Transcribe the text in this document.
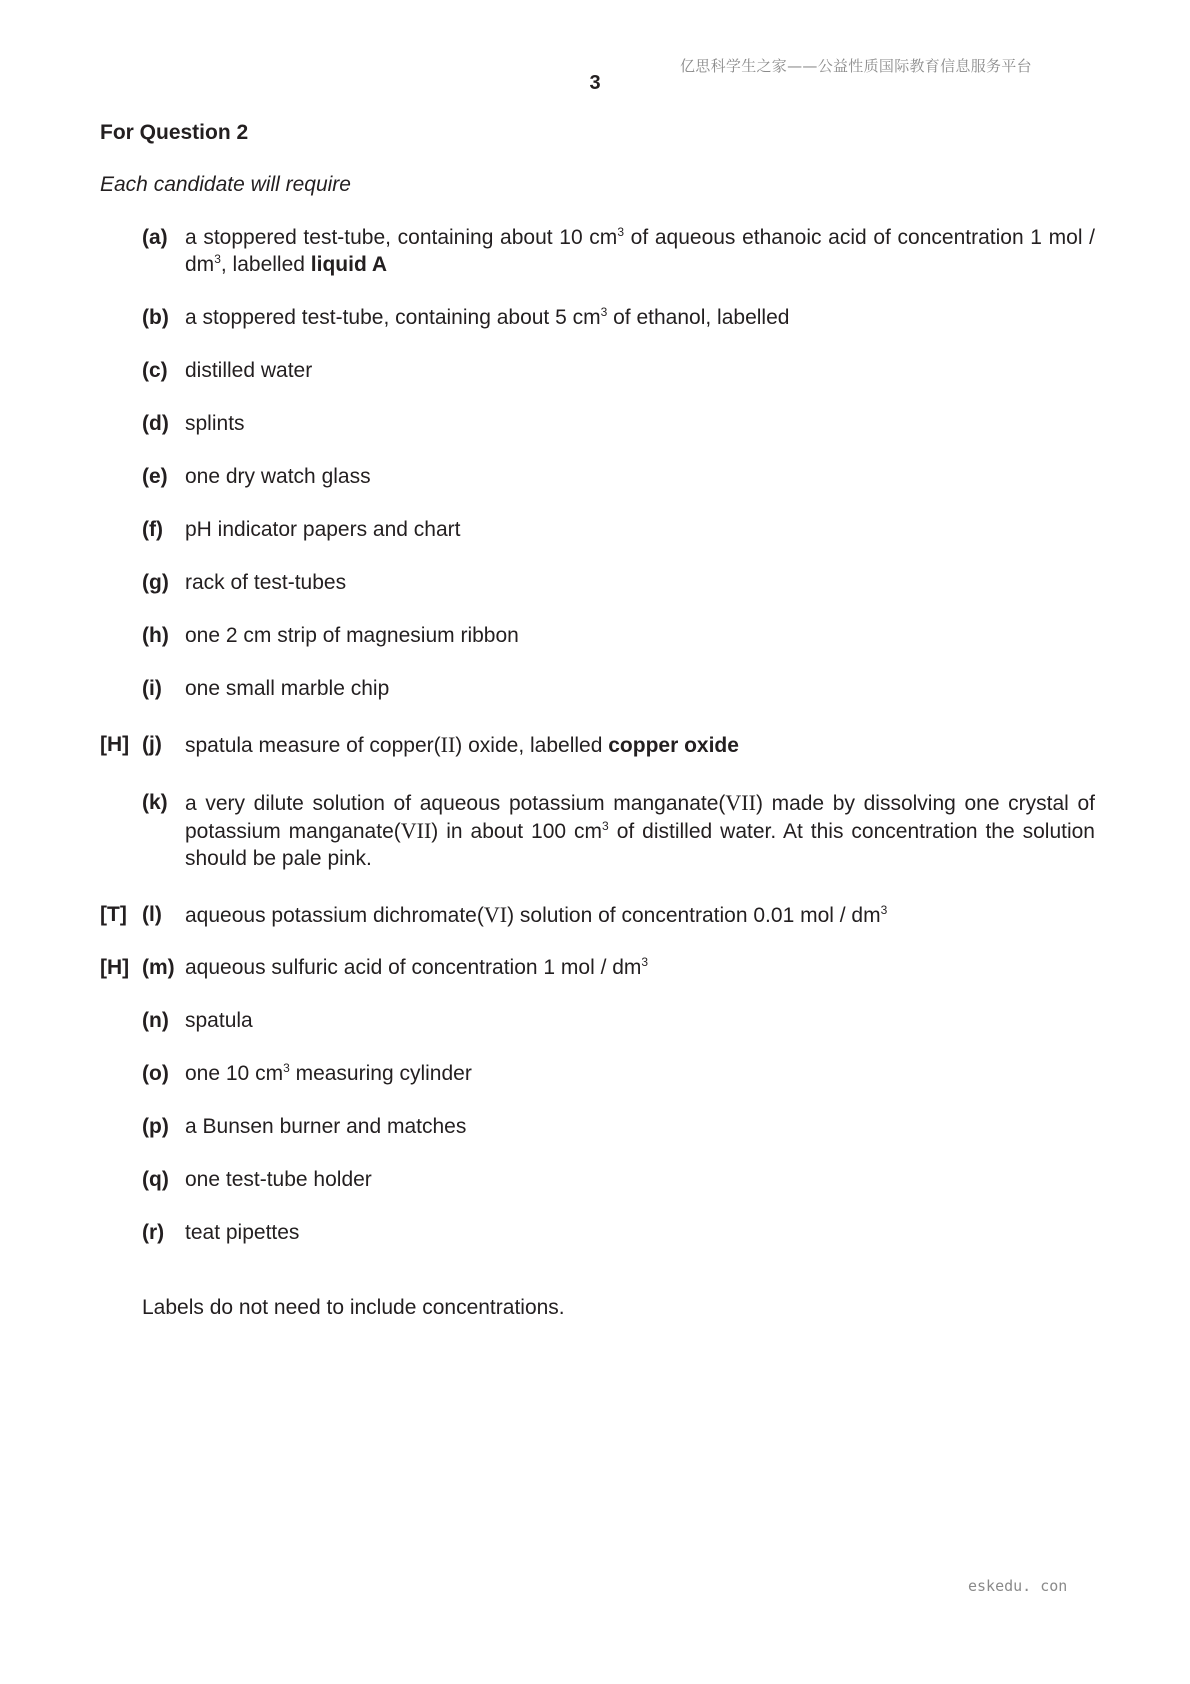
亿思科学生之家——公益性质国际教育信息服务平台
3
For Question 2
Each candidate will require
(a) a stoppered test-tube, containing about 10 $cm^3$ of aqueous ethanoic acid of concentration 1 mol / $dm^3$, labelled liquid A
(b) a stoppered test-tube, containing about 5 $cm^3$ of ethanol, labelled
(c) distilled water
(d) splints
(e) one dry watch glass
(f) pH indicator papers and chart
(g) rack of test-tubes
(h) one 2 cm strip of magnesium ribbon
(i) one small marble chip
[H] (j) spatula measure of copper(II) oxide, labelled copper oxide
(k) a very dilute solution of aqueous potassium manganate(VII) made by dissolving one crystal of potassium manganate(VII) in about 100 $cm^3$ of distilled water. At this concentration the solution should be pale pink.
[T] (l) aqueous potassium dichromate(VI) solution of concentration 0.01 mol / $dm^3$
[H] (m) aqueous sulfuric acid of concentration 1 mol / $dm^3$
(n) spatula
(o) one 10 $cm^3$ measuring cylinder
(p) a Bunsen burner and matches
(q) one test-tube holder
(r) teat pipettes
Labels do not need to include concentrations.
eskedu. con
